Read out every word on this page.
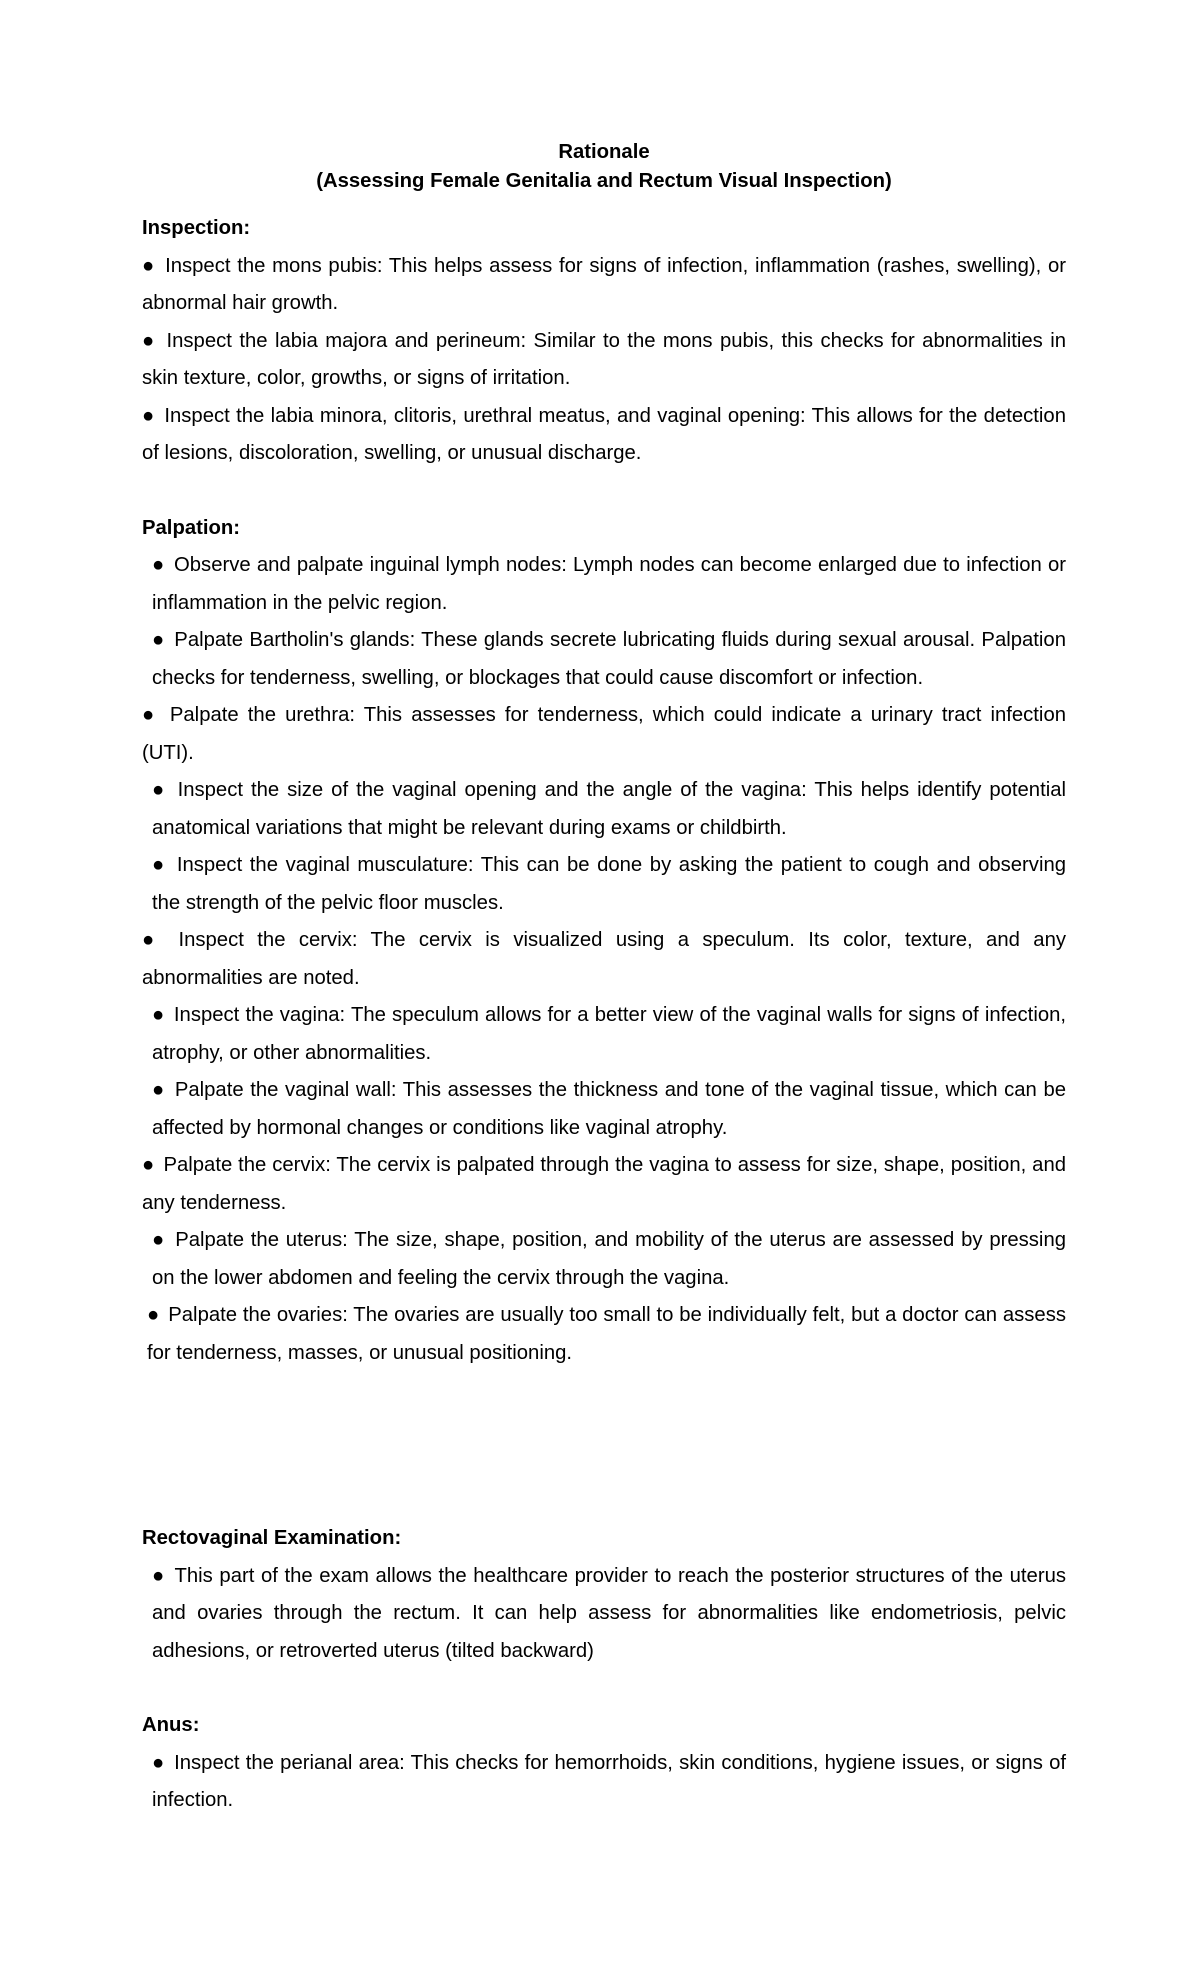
Rationale

(Assessing Female Genitalia and Rectum Visual Inspection)

Inspection:

● Inspect the mons pubis: This helps assess for signs of infection, inflammation (rashes, swelling), or abnormal hair growth.

● Inspect the labia majora and perineum: Similar to the mons pubis, this checks for abnormalities in skin texture, color, growths, or signs of irritation.

● Inspect the labia minora, clitoris, urethral meatus, and vaginal opening: This allows for the detection of lesions, discoloration, swelling, or unusual discharge.

Palpation:

● Observe and palpate inguinal lymph nodes: Lymph nodes can become enlarged due to infection or inflammation in the pelvic region.

● Palpate Bartholin's glands: These glands secrete lubricating fluids during sexual arousal. Palpation checks for tenderness, swelling, or blockages that could cause discomfort or infection.

● Palpate the urethra: This assesses for tenderness, which could indicate a urinary tract infection (UTI).

● Inspect the size of the vaginal opening and the angle of the vagina: This helps identify potential anatomical variations that might be relevant during exams or childbirth.

● Inspect the vaginal musculature: This can be done by asking the patient to cough and observing the strength of the pelvic floor muscles.

● Inspect the cervix: The cervix is visualized using a speculum. Its color, texture, and any abnormalities are noted.

● Inspect the vagina: The speculum allows for a better view of the vaginal walls for signs of infection, atrophy, or other abnormalities.

● Palpate the vaginal wall: This assesses the thickness and tone of the vaginal tissue, which can be affected by hormonal changes or conditions like vaginal atrophy.

● Palpate the cervix: The cervix is palpated through the vagina to assess for size, shape, position, and any tenderness.

● Palpate the uterus: The size, shape, position, and mobility of the uterus are assessed by pressing on the lower abdomen and feeling the cervix through the vagina.

● Palpate the ovaries: The ovaries are usually too small to be individually felt, but a doctor can assess for tenderness, masses, or unusual positioning.

Rectovaginal Examination:

● This part of the exam allows the healthcare provider to reach the posterior structures of the uterus and ovaries through the rectum. It can help assess for abnormalities like endometriosis, pelvic adhesions, or retroverted uterus (tilted backward)

Anus:

● Inspect the perianal area: This checks for hemorrhoids, skin conditions, hygiene issues, or signs of infection.
